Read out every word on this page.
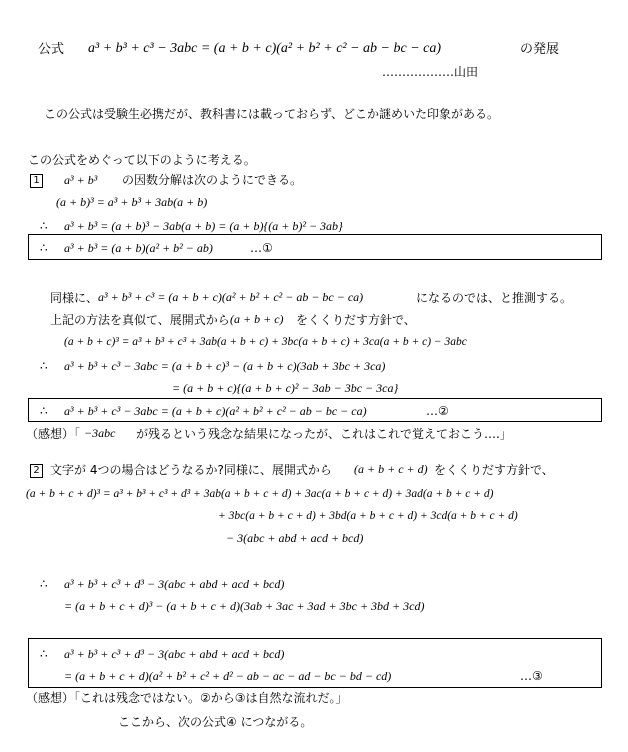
公式 a³ + b³ + c³ − 3abc = (a + b + c)(a² + b² + c² − ab − bc − ca)	の発展
………………山田
この公式は受験生必携だが、教科書には載っておらず、どこか謎めいた印象がある。
この公式をめぐって以下のように考える。
1 a³ + b³ の因数分解は次のようにできる。
(a + b)³ = a³ + b³ + 3ab(a + b)
∴ a³ + b³ = (a + b)³ − 3ab(a + b) = (a + b){(a + b)² − 3ab}
∴ a³ + b³ = (a + b)(a² + b² − ab)	…①
同様に、 a³ + b³ + c³ = (a + b + c)(a² + b² + c² − ab − bc − ca)	になるのでは、と推測する。
上記の方法を真似て、展開式から (a + b + c) をくくりだす方針で、
(a + b + c)³ = a³ + b³ + c³ + 3ab(a + b + c) + 3bc(a + b + c) + 3ca(a + b + c) − 3abc
∴ a³ + b³ + c³ − 3abc = (a + b + c)³ − (a + b + c)(3ab + 3bc + 3ca)
= (a + b + c){(a + b + c)² − 3ab − 3bc − 3ca}
∴ a³ + b³ + c³ − 3abc = (a + b + c)(a² + b² + c² − ab − bc − ca)	…②
（感想）「 −3abc が残るという残念な結果になったが、これはこれで覚えておこう….」
2 文字が 4つの場合はどうなるか?同様に、展開式から (a + b + c + d) をくくりだす方針で、
(a + b + c + d)³ = a³ + b³ + c³ + d³ + 3ab(a + b + c + d) + 3ac(a + b + c + d) + 3ad(a + b + c + d)
+ 3bc(a + b + c + d) + 3bd(a + b + c + d) + 3cd(a + b + c + d)
− 3(abc + abd + acd + bcd)
∴ a³ + b³ + c³ + d³ − 3(abc + abd + acd + bcd)
= (a + b + c + d)³ − (a + b + c + d)(3ab + 3ac + 3ad + 3bc + 3bd + 3cd)
∴ a³ + b³ + c³ + d³ − 3(abc + abd + acd + bcd)
= (a + b + c + d)(a² + b² + c² + d² − ab − ac − ad − bc − bd − cd)	…③
（感想）「これは残念ではない。②から③は自然な流れだ。」
ここから、次の公式④ につながる。
